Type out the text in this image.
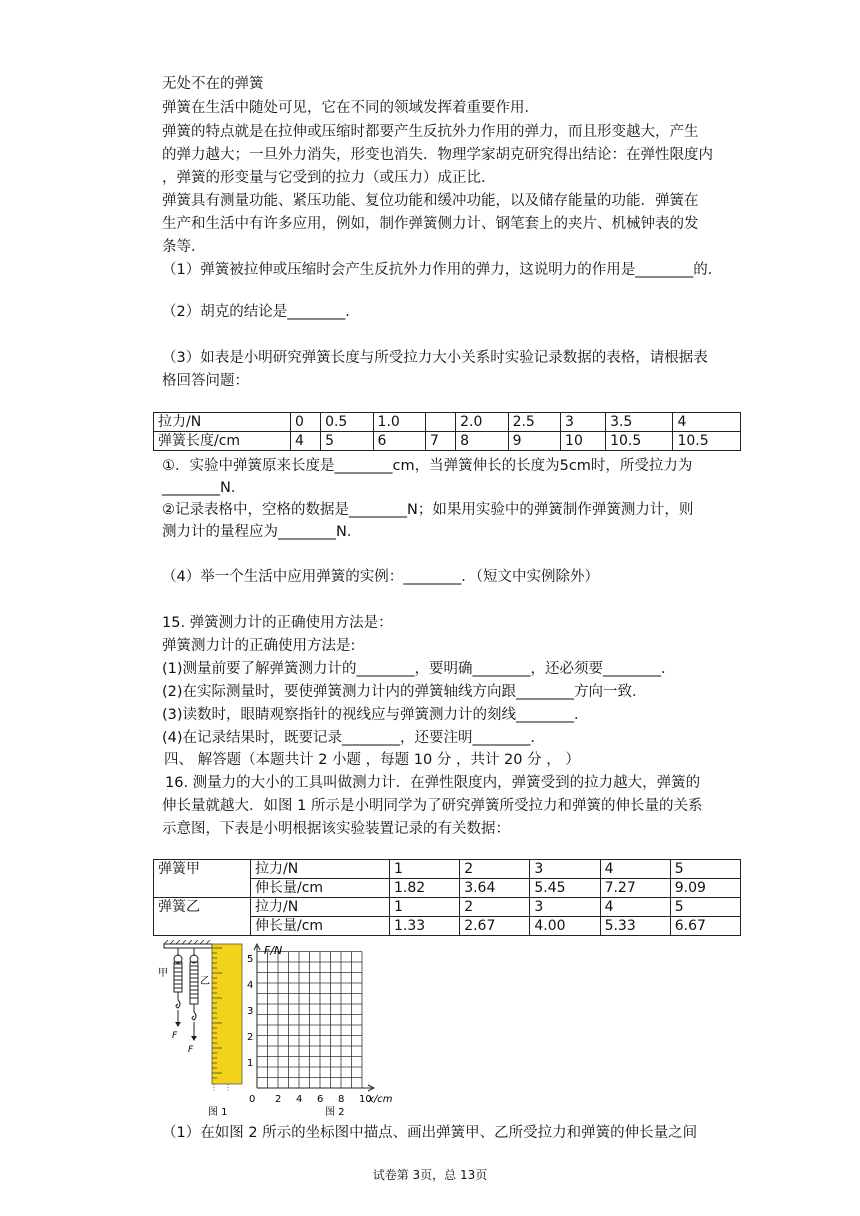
无处不在的弹簧
弹簧在生活中随处可见，它在不同的领域发挥着重要作用．
弹簧的特点就是在拉伸或压缩时都要产生反抗外力作用的弹力，而且形变越大，产生
的弹力越大；一旦外力消失，形变也消失．物理学家胡克研究得出结论：在弹性限度内
，弹簧的形变量与它受到的拉力（或压力）成正比．
弹簧具有测量功能、紧压功能、复位功能和缓冲功能，以及储存能量的功能．弹簧在
生产和生活中有许多应用，例如，制作弹簧侧力计、钢笔套上的夹片、机械钟表的发
条等．
（1）弹簧被拉伸或压缩时会产生反抗外力作用的弹力，这说明力的作用是________的．
（2）胡克的结论是________．
（3）如表是小明研究弹簧长度与所受拉力大小关系时实验记录数据的表格，请根据表
格回答问题：
拉力/N	0	0.5	1.0		2.0	2.5	3	3.5	4
弹簧长度/cm	4	5	6	7	8	9	10	10.5	10.5
①．实验中弹簧原来长度是________cm，当弹簧伸长的长度为5cm时，所受拉力为
________N．
②记录表格中，空格的数据是________N；如果用实验中的弹簧制作弹簧测力计，则
测力计的量程应为________N．
（4）举一个生活中应用弹簧的实例：________．（短文中实例除外）
15. 弹簧测力计的正确使用方法是：
弹簧测力计的正确使用方法是:
(1)测量前要了解弹簧测力计的________，要明确________，还必须要________．
(2)在实际测量时，要使弹簧测力计内的弹簧轴线方向跟________方向一致．
(3)读数时，眼睛观察指针的视线应与弹簧测力计的刻线________．
(4)在记录结果时，既要记录________，还要注明________．
四、 解答题（本题共计 2 小题 ，每题 10 分 ，共计 20 分 ， ）
16. 测量力的大小的工具叫做测力计．在弹性限度内，弹簧受到的拉力越大，弹簧的
伸长量就越大．如图 1 所示是小明同学为了研究弹簧所受拉力和弹簧的伸长量的关系
示意图，下表是小明根据该实验装置记录的有关数据：
弹簧甲	拉力/N	1	2	3	4	5
	伸长量/cm	1.82	3.64	5.45	7.27	9.09
弹簧乙	拉力/N	1	2	3	4	5
	伸长量/cm	1.33	2.67	4.00	5.33	6.67
甲
乙
F
F
⋮ ⋮
图 1
F/N
x/cm
1
2
3
4
5
0 2 4 6 8 10
图 2
（1）在如图 2 所示的坐标图中描点、画出弹簧甲、乙所受拉力和弹簧的伸长量之间
试卷第 3页，总 13页
